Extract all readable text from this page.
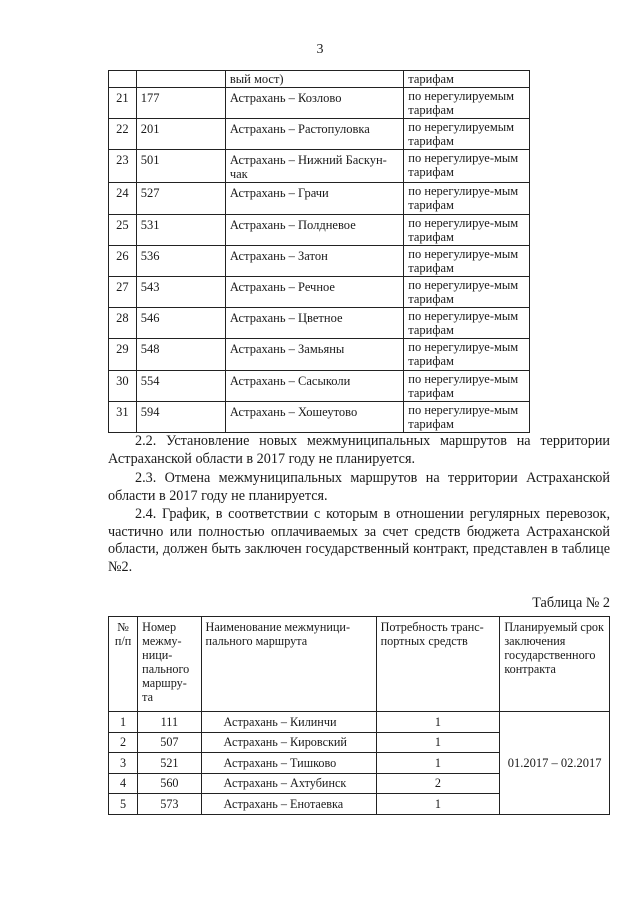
3
		вый мост)	тарифам
21	177	Астрахань – Козлово	по нерегулируемым тарифам
22	201	Астрахань – Растопуловка	по нерегулируемым тарифам
23	501	Астрахань – Нижний Баскун-чак	по нерегулируе-мым тарифам
24	527	Астрахань – Грачи	по нерегулируе-мым тарифам
25	531	Астрахань – Полдневое	по нерегулируе-мым тарифам
26	536	Астрахань – Затон	по нерегулируе-мым тарифам
27	543	Астрахань – Речное	по нерегулируе-мым тарифам
28	546	Астрахань – Цветное	по нерегулируе-мым тарифам
29	548	Астрахань – Замьяны	по нерегулируе-мым тарифам
30	554	Астрахань – Сасыколи	по нерегулируе-мым тарифам
31	594	Астрахань – Хошеутово	по нерегулируе-мым тарифам

2.2. Установление новых межмуниципальных маршрутов на территории Астраханской области в 2017 году не планируется.

2.3. Отмена межмуниципальных маршрутов на территории Астраханской области в 2017 году не планируется.

2.4. График, в соответствии с которым в отношении регулярных перевозок, частично или полностью оплачиваемых за счет средств бюджета Астраханской области, должен быть заключен государственный контракт, представлен в таблице №2.

Таблица № 2
№ п/п	Номер межму-ници-пального маршру-та	Наименование межмуници-пального маршрута	Потребность транс-портных средств	Планируемый срок заключения государственного контракта
1	111	Астрахань – Килинчи	1	01.2017 – 02.2017
2	507	Астрахань – Кировский	1	
3	521	Астрахань – Тишково	1	
4	560	Астрахань – Ахтубинск	2	
5	573	Астрахань – Енотаевка	1	
